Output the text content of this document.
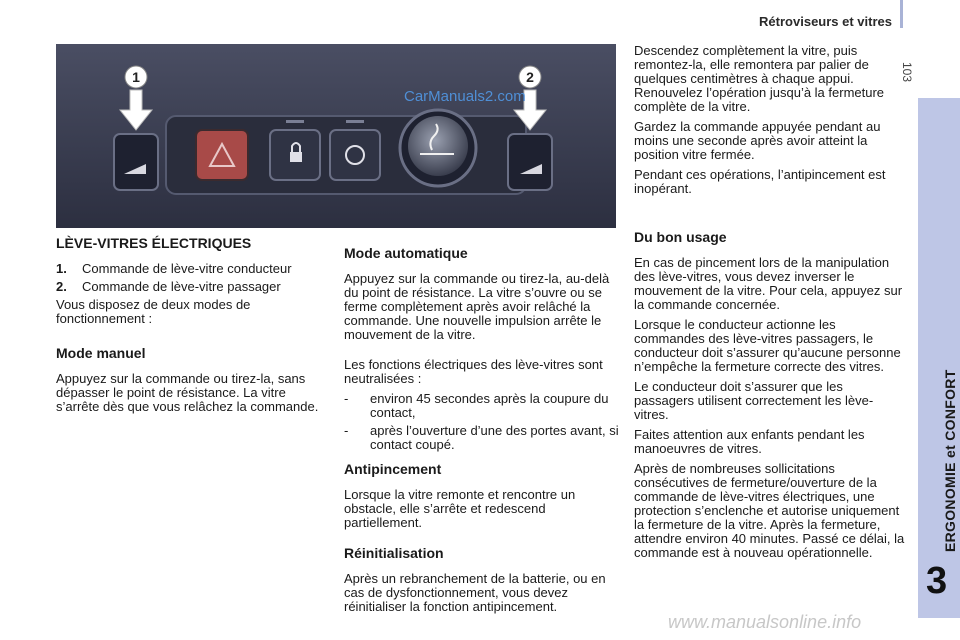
Rétroviseurs et vitres
103
ERGONOMIE et CONFORT
3
1	2
CarManuals2.com
LÈVE-VITRES ÉLECTRIQUES
1.	Commande de lève-vitre conducteur
2.	Commande de lève-vitre passager

Vous disposez de deux modes de fonctionnement :

Mode manuel

Appuyez sur la commande ou tirez-la, sans dépasser le point de résistance. La vitre s’arrête dès que vous relâchez la commande.

Mode automatique

Appuyez sur la commande ou tirez-la, au-delà du point de résistance. La vitre s’ouvre ou se ferme complètement après avoir relâché la commande. Une nouvelle impulsion arrête le mouvement de la vitre.

Les fonctions électriques des lève-vitres sont neutralisées :

-	environ 45 secondes après la coupure du contact,
-	après l’ouverture d’une des portes avant, si contact coupé.
Antipincement

Lorsque la vitre remonte et rencontre un obstacle, elle s’arrête et redescend partiellement.

Réinitialisation

Après un rebranchement de la batterie, ou en cas de dysfonctionnement, vous devez réinitialiser la fonction antipincement.

Descendez complètement la vitre, puis remontez-la, elle remontera par palier de quelques centimètres à chaque appui. Renouvelez l’opération jusqu’à la fermeture complète de la vitre.

Gardez la commande appuyée pendant au moins une seconde après avoir atteint la position vitre fermée.

Pendant ces opérations, l’antipincement est inopérant.

Du bon usage

En cas de pincement lors de la manipulation des lève-vitres, vous devez inverser le mouvement de la vitre. Pour cela, appuyez sur la commande concernée.

Lorsque le conducteur actionne les commandes des lève-vitres passagers, le conducteur doit s’assurer qu’aucune personne n’empêche la fermeture correcte des vitres.

Le conducteur doit s’assurer que les passagers utilisent correctement les lève-vitres.

Faites attention aux enfants pendant les manoeuvres de vitres.

Après de nombreuses sollicitations consécutives de fermeture/ouverture de la commande de lève-vitres électriques, une protection s’enclenche et autorise uniquement la fermeture de la vitre. Après la fermeture, attendre environ 40 minutes. Passé ce délai, la commande est à nouveau opérationnelle.

www.manualsonline.info
